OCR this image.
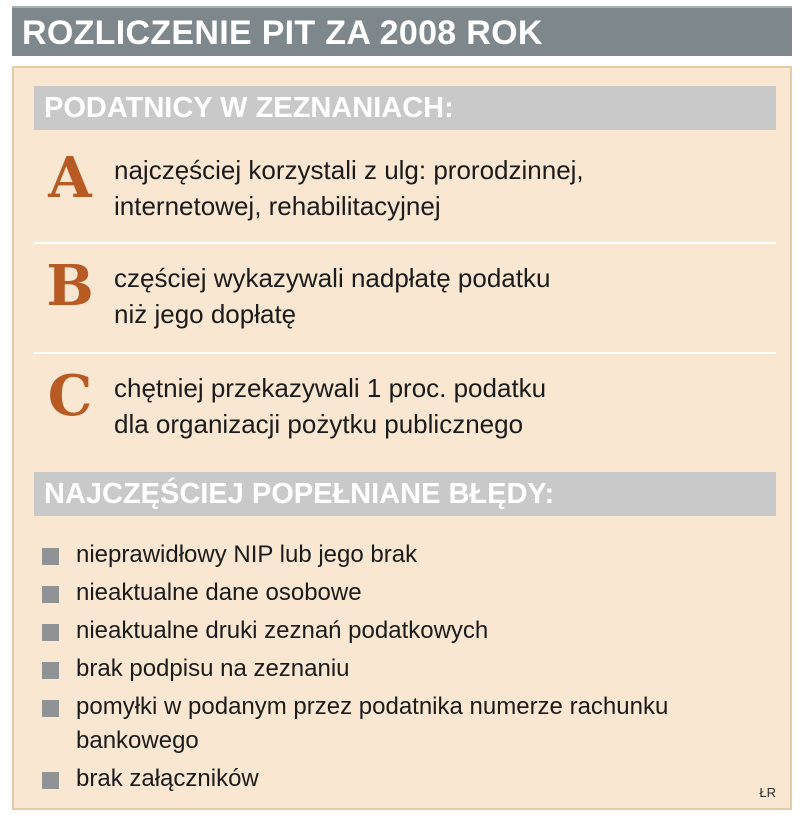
ROZLICZENIE PIT ZA 2008 ROK
PODATNICY W ZEZNANIACH:
A najczęściej korzystali z ulg: prorodzinnej,
internetowej, rehabilitacyjnej
B częściej wykazywali nadpłatę podatku
niż jego dopłatę
C chętniej przekazywali 1 proc. podatku
dla organizacji pożytku publicznego
NAJCZĘŚCIEJ POPEŁNIANE BŁĘDY:
nieprawidłowy NIP lub jego brak
nieaktualne dane osobowe
nieaktualne druki zeznań podatkowych
brak podpisu na zeznaniu
pomyłki w podanym przez podatnika numerze rachunku bankowego
brak załączników
ŁR
